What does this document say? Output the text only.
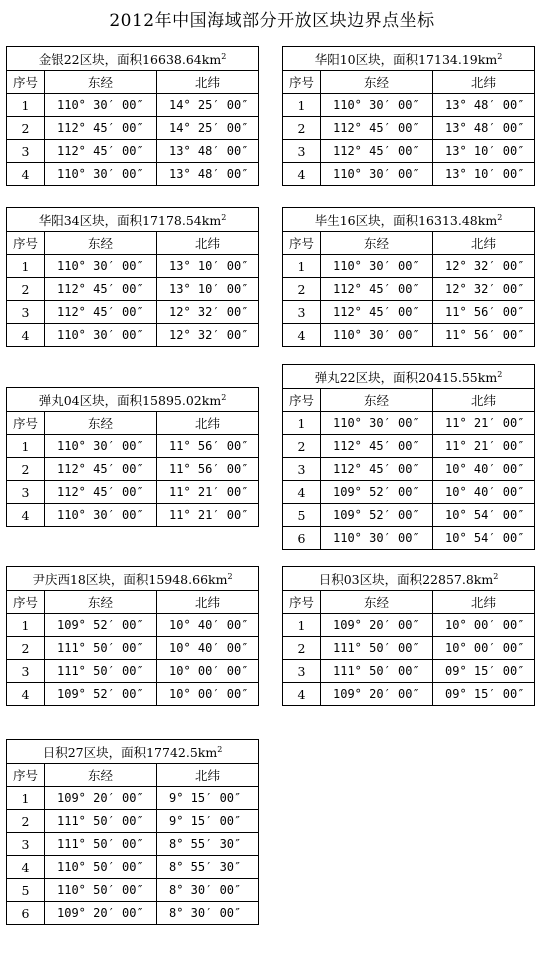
2012年中国海域部分开放区块边界点坐标
金银22区块，面积$16638.64km^2$
序号	东经	北纬
1	110° 30′ 00″	14° 25′ 00″
2	112° 45′ 00″	14° 25′ 00″
3	112° 45′ 00″	13° 48′ 00″
4	110° 30′ 00″	13° 48′ 00″
华阳10区块，面积$17134.19km^2$
序号	东经	北纬
1	110° 30′ 00″	13° 48′ 00″
2	112° 45′ 00″	13° 48′ 00″
3	112° 45′ 00″	13° 10′ 00″
4	110° 30′ 00″	13° 10′ 00″
华阳34区块，面积$17178.54km^2$
序号	东经	北纬
1	110° 30′ 00″	13° 10′ 00″
2	112° 45′ 00″	13° 10′ 00″
3	112° 45′ 00″	12° 32′ 00″
4	110° 30′ 00″	12° 32′ 00″
毕生16区块，面积$16313.48km^2$
序号	东经	北纬
1	110° 30′ 00″	12° 32′ 00″
2	112° 45′ 00″	12° 32′ 00″
3	112° 45′ 00″	11° 56′ 00″
4	110° 30′ 00″	11° 56′ 00″
弹丸04区块，面积$15895.02km^2$
序号	东经	北纬
1	110° 30′ 00″	11° 56′ 00″
2	112° 45′ 00″	11° 56′ 00″
3	112° 45′ 00″	11° 21′ 00″
4	110° 30′ 00″	11° 21′ 00″
弹丸22区块，面积$20415.55km^2$
序号	东经	北纬
1	110° 30′ 00″	11° 21′ 00″
2	112° 45′ 00″	11° 21′ 00″
3	112° 45′ 00″	10° 40′ 00″
4	109° 52′ 00″	10° 40′ 00″
5	109° 52′ 00″	10° 54′ 00″
6	110° 30′ 00″	10° 54′ 00″
尹庆西18区块，面积$15948.66km^2$
序号	东经	北纬
1	109° 52′ 00″	10° 40′ 00″
2	111° 50′ 00″	10° 40′ 00″
3	111° 50′ 00″	10° 00′ 00″
4	109° 52′ 00″	10° 00′ 00″
日积03区块，面积$22857.8km^2$
序号	东经	北纬
1	109° 20′ 00″	10° 00′ 00″
2	111° 50′ 00″	10° 00′ 00″
3	111° 50′ 00″	09° 15′ 00″
4	109° 20′ 00″	09° 15′ 00″
日积27区块，面积$17742.5km^2$
序号	东经	北纬
1	109° 20′ 00″	9° 15′ 00″
2	111° 50′ 00″	9° 15′ 00″
3	111° 50′ 00″	8° 55′ 30″
4	110° 50′ 00″	8° 55′ 30″
5	110° 50′ 00″	8° 30′ 00″
6	109° 20′ 00″	8° 30′ 00″
